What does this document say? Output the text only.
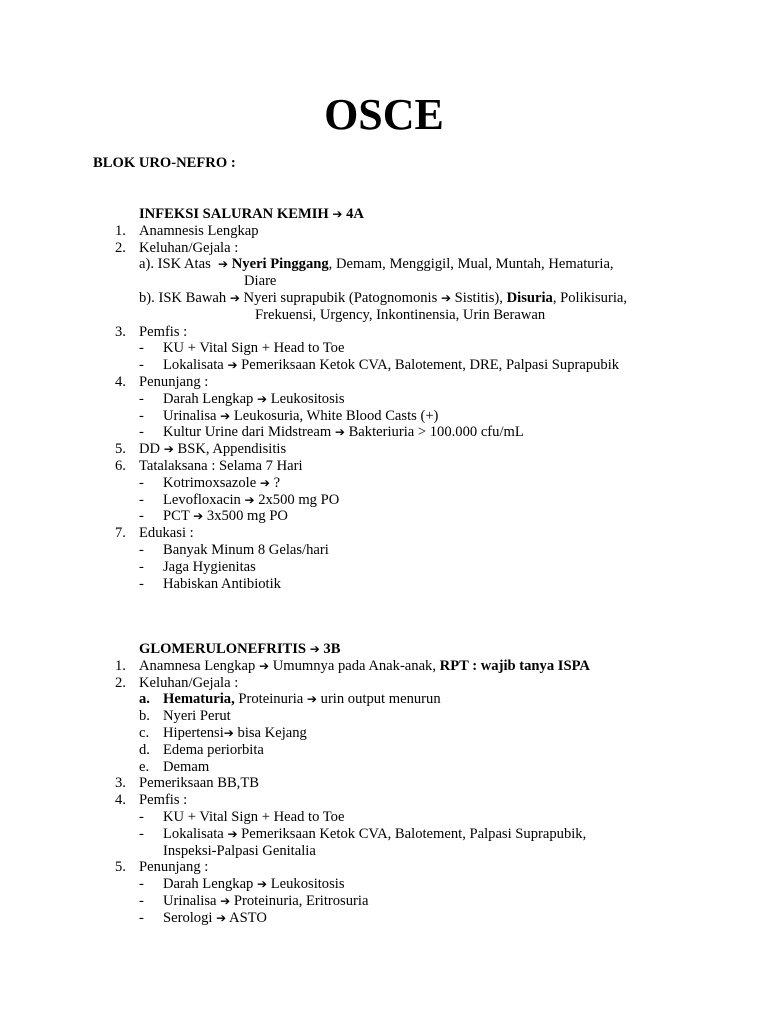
OSCE
BLOK URO-NEFRO :
INFEKSI SALURAN KEMIH ➔ 4A
1. Anamnesis Lengkap
2. Keluhan/Gejala :
a). ISK Atas ➔ Nyeri Pinggang, Demam, Menggigil, Mual, Muntah, Hematuria,
Diare
b). ISK Bawah ➔ Nyeri suprapubik (Patognomonis ➔ Sistitis), Disuria, Polikisuria,
Frekuensi, Urgency, Inkontinensia, Urin Berawan
3. Pemfis :
- KU + Vital Sign + Head to Toe
- Lokalisata ➔ Pemeriksaan Ketok CVA, Balotement, DRE, Palpasi Suprapubik
4. Penunjang :
- Darah Lengkap ➔ Leukositosis
- Urinalisa ➔ Leukosuria, White Blood Casts (+)
- Kultur Urine dari Midstream ➔ Bakteriuria > 100.000 cfu/mL
5. DD ➔ BSK, Appendisitis
6. Tatalaksana : Selama 7 Hari
- Kotrimoxsazole ➔ ?
- Levofloxacin ➔ 2x500 mg PO
- PCT ➔ 3x500 mg PO
7. Edukasi :
- Banyak Minum 8 Gelas/hari
- Jaga Hygienitas
- Habiskan Antibiotik
GLOMERULONEFRITIS ➔ 3B
1. Anamnesa Lengkap ➔ Umumnya pada Anak-anak, RPT : wajib tanya ISPA
2. Keluhan/Gejala :
a. Hematuria, Proteinuria ➔ urin output menurun
b. Nyeri Perut
c. Hipertensi➔ bisa Kejang
d. Edema periorbita
e. Demam
3. Pemeriksaan BB,TB
4. Pemfis :
- KU + Vital Sign + Head to Toe
- Lokalisata ➔ Pemeriksaan Ketok CVA, Balotement, Palpasi Suprapubik,
Inspeksi-Palpasi Genitalia
5. Penunjang :
- Darah Lengkap ➔ Leukositosis
- Urinalisa ➔ Proteinuria, Eritrosuria
- Serologi ➔ ASTO
